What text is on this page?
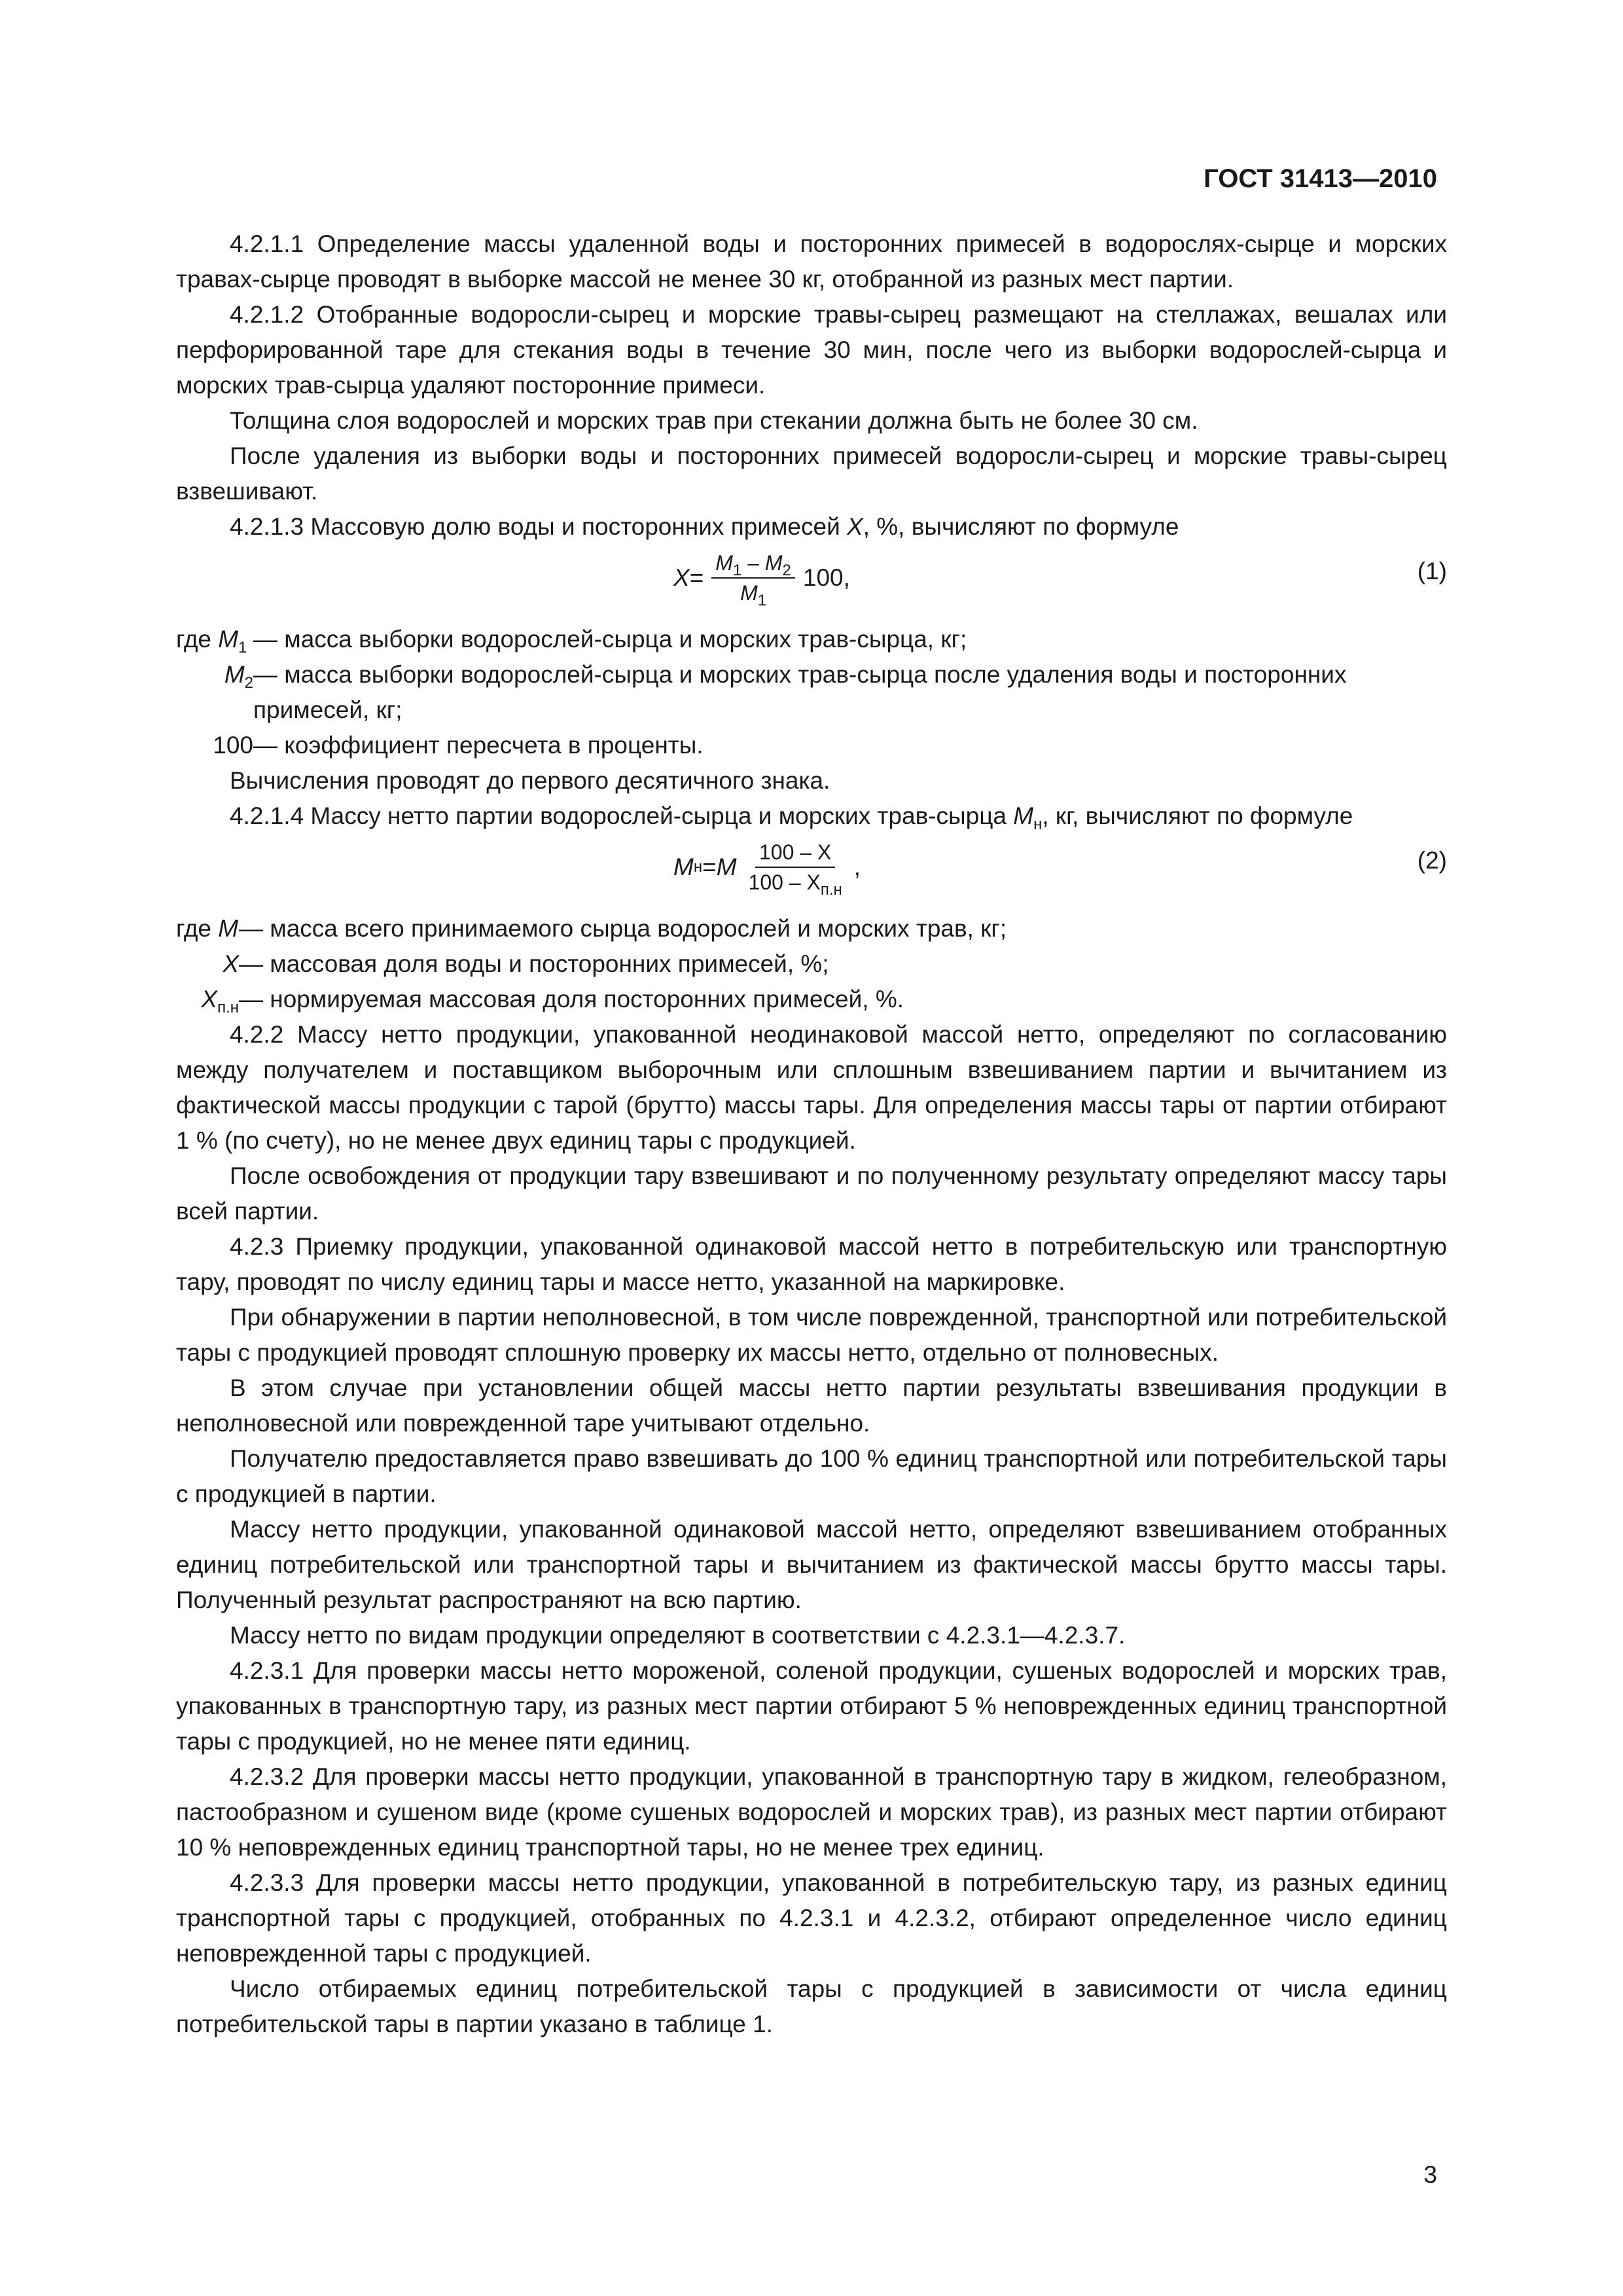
ГОСТ 31413—2010

4.2.1.1 Определение массы удаленной воды и посторонних примесей в водорослях-сырце и морских травах-сырце проводят в выборке массой не менее 30 кг, отобранной из разных мест партии.

4.2.1.2 Отобранные водоросли-сырец и морские травы-сырец размещают на стеллажах, вешалах или перфорированной таре для стекания воды в течение 30 мин, после чего из выборки водорослей-сырца и морских трав-сырца удаляют посторонние примеси.

Толщина слоя водорослей и морских трав при стекании должна быть не более 30 см.

После удаления из выборки воды и посторонних примесей водоросли-сырец и морские травы-сырец взвешивают.

4.2.1.3 Массовую долю воды и посторонних примесей X, %, вычисляют по формуле

$X = \frac{M_1 - M_2}{M_1} 100$,	(1)
где $M_1$ — масса выборки водорослей-сырца и морских трав-сырца, кг;
$M_2$ — масса выборки водорослей-сырца и морских трав-сырца после удаления воды и посторонних примесей, кг;
100 — коэффициент пересчета в проценты.

Вычисления проводят до первого десятичного знака.

4.2.1.4 Массу нетто партии водорослей-сырца и морских трав-сырца $M_н$, кг, вычисляют по формуле

M н = M $\frac{100 - X}{100 - X_{п.н}}$ ,	(2)
где M — масса всего принимаемого сырца водорослей и морских трав, кг;
X — массовая доля воды и посторонних примесей, %;
$X_{п.н}$ — нормируемая массовая доля посторонних примесей, %.

4.2.2 Массу нетто продукции, упакованной неодинаковой массой нетто, определяют по согласованию между получателем и поставщиком выборочным или сплошным взвешиванием партии и вычитанием из фактической массы продукции с тарой (брутто) массы тары. Для определения массы тары от партии отбирают 1 % (по счету), но не менее двух единиц тары с продукцией.

После освобождения от продукции тару взвешивают и по полученному результату определяют массу тары всей партии.

4.2.3 Приемку продукции, упакованной одинаковой массой нетто в потребительскую или транспортную тару, проводят по числу единиц тары и массе нетто, указанной на маркировке.

При обнаружении в партии неполновесной, в том числе поврежденной, транспортной или потребительской тары с продукцией проводят сплошную проверку их массы нетто, отдельно от полновесных.

В этом случае при установлении общей массы нетто партии результаты взвешивания продукции в неполновесной или поврежденной таре учитывают отдельно.

Получателю предоставляется право взвешивать до 100 % единиц транспортной или потребительской тары с продукцией в партии.

Массу нетто продукции, упакованной одинаковой массой нетто, определяют взвешиванием отобранных единиц потребительской или транспортной тары и вычитанием из фактической массы брутто массы тары. Полученный результат распространяют на всю партию.

Массу нетто по видам продукции определяют в соответствии с 4.2.3.1—4.2.3.7.

4.2.3.1 Для проверки массы нетто мороженой, соленой продукции, сушеных водорослей и морских трав, упакованных в транспортную тару, из разных мест партии отбирают 5 % неповрежденных единиц транспортной тары с продукцией, но не менее пяти единиц.

4.2.3.2 Для проверки массы нетто продукции, упакованной в транспортную тару в жидком, гелеобразном, пастообразном и сушеном виде (кроме сушеных водорослей и морских трав), из разных мест партии отбирают 10 % неповрежденных единиц транспортной тары, но не менее трех единиц.

4.2.3.3 Для проверки массы нетто продукции, упакованной в потребительскую тару, из разных единиц транспортной тары с продукцией, отобранных по 4.2.3.1 и 4.2.3.2, отбирают определенное число единиц неповрежденной тары с продукцией.

Число отбираемых единиц потребительской тары с продукцией в зависимости от числа единиц потребительской тары в партии указано в таблице 1.

3
